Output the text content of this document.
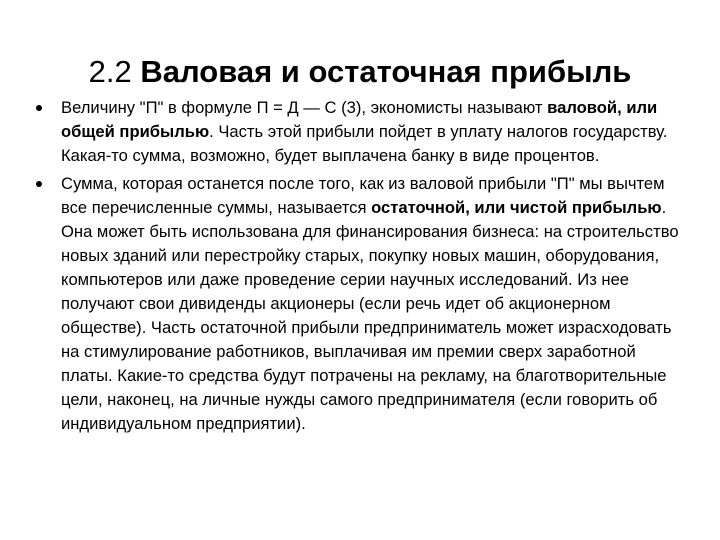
2.2 Валовая и остаточная прибыль
Величину "П" в формуле П = Д — С (3), экономисты называют валовой, или общей прибылью. Часть этой прибыли пойдет в уплату налогов государству. Какая-то сумма, возможно, будет выплачена банку в виде процентов.
Сумма, которая останется после того, как из валовой прибыли "П" мы вычтем все перечисленные суммы, называется остаточной, или чистой прибылью. Она может быть использована для финансирования бизнеса: на строительство новых зданий или перестройку старых, покупку новых машин, оборудования, компьютеров или даже проведение серии научных исследований. Из нее получают свои дивиденды акционеры (если речь идет об акционерном обществе). Часть остаточной прибыли предприниматель может израсходовать на стимулирование работников, выплачивая им премии сверх заработной платы. Какие-то средства будут потрачены на рекламу, на благотворительные цели, наконец, на личные нужды самого предпринимателя (если говорить об индивидуальном предприятии).
